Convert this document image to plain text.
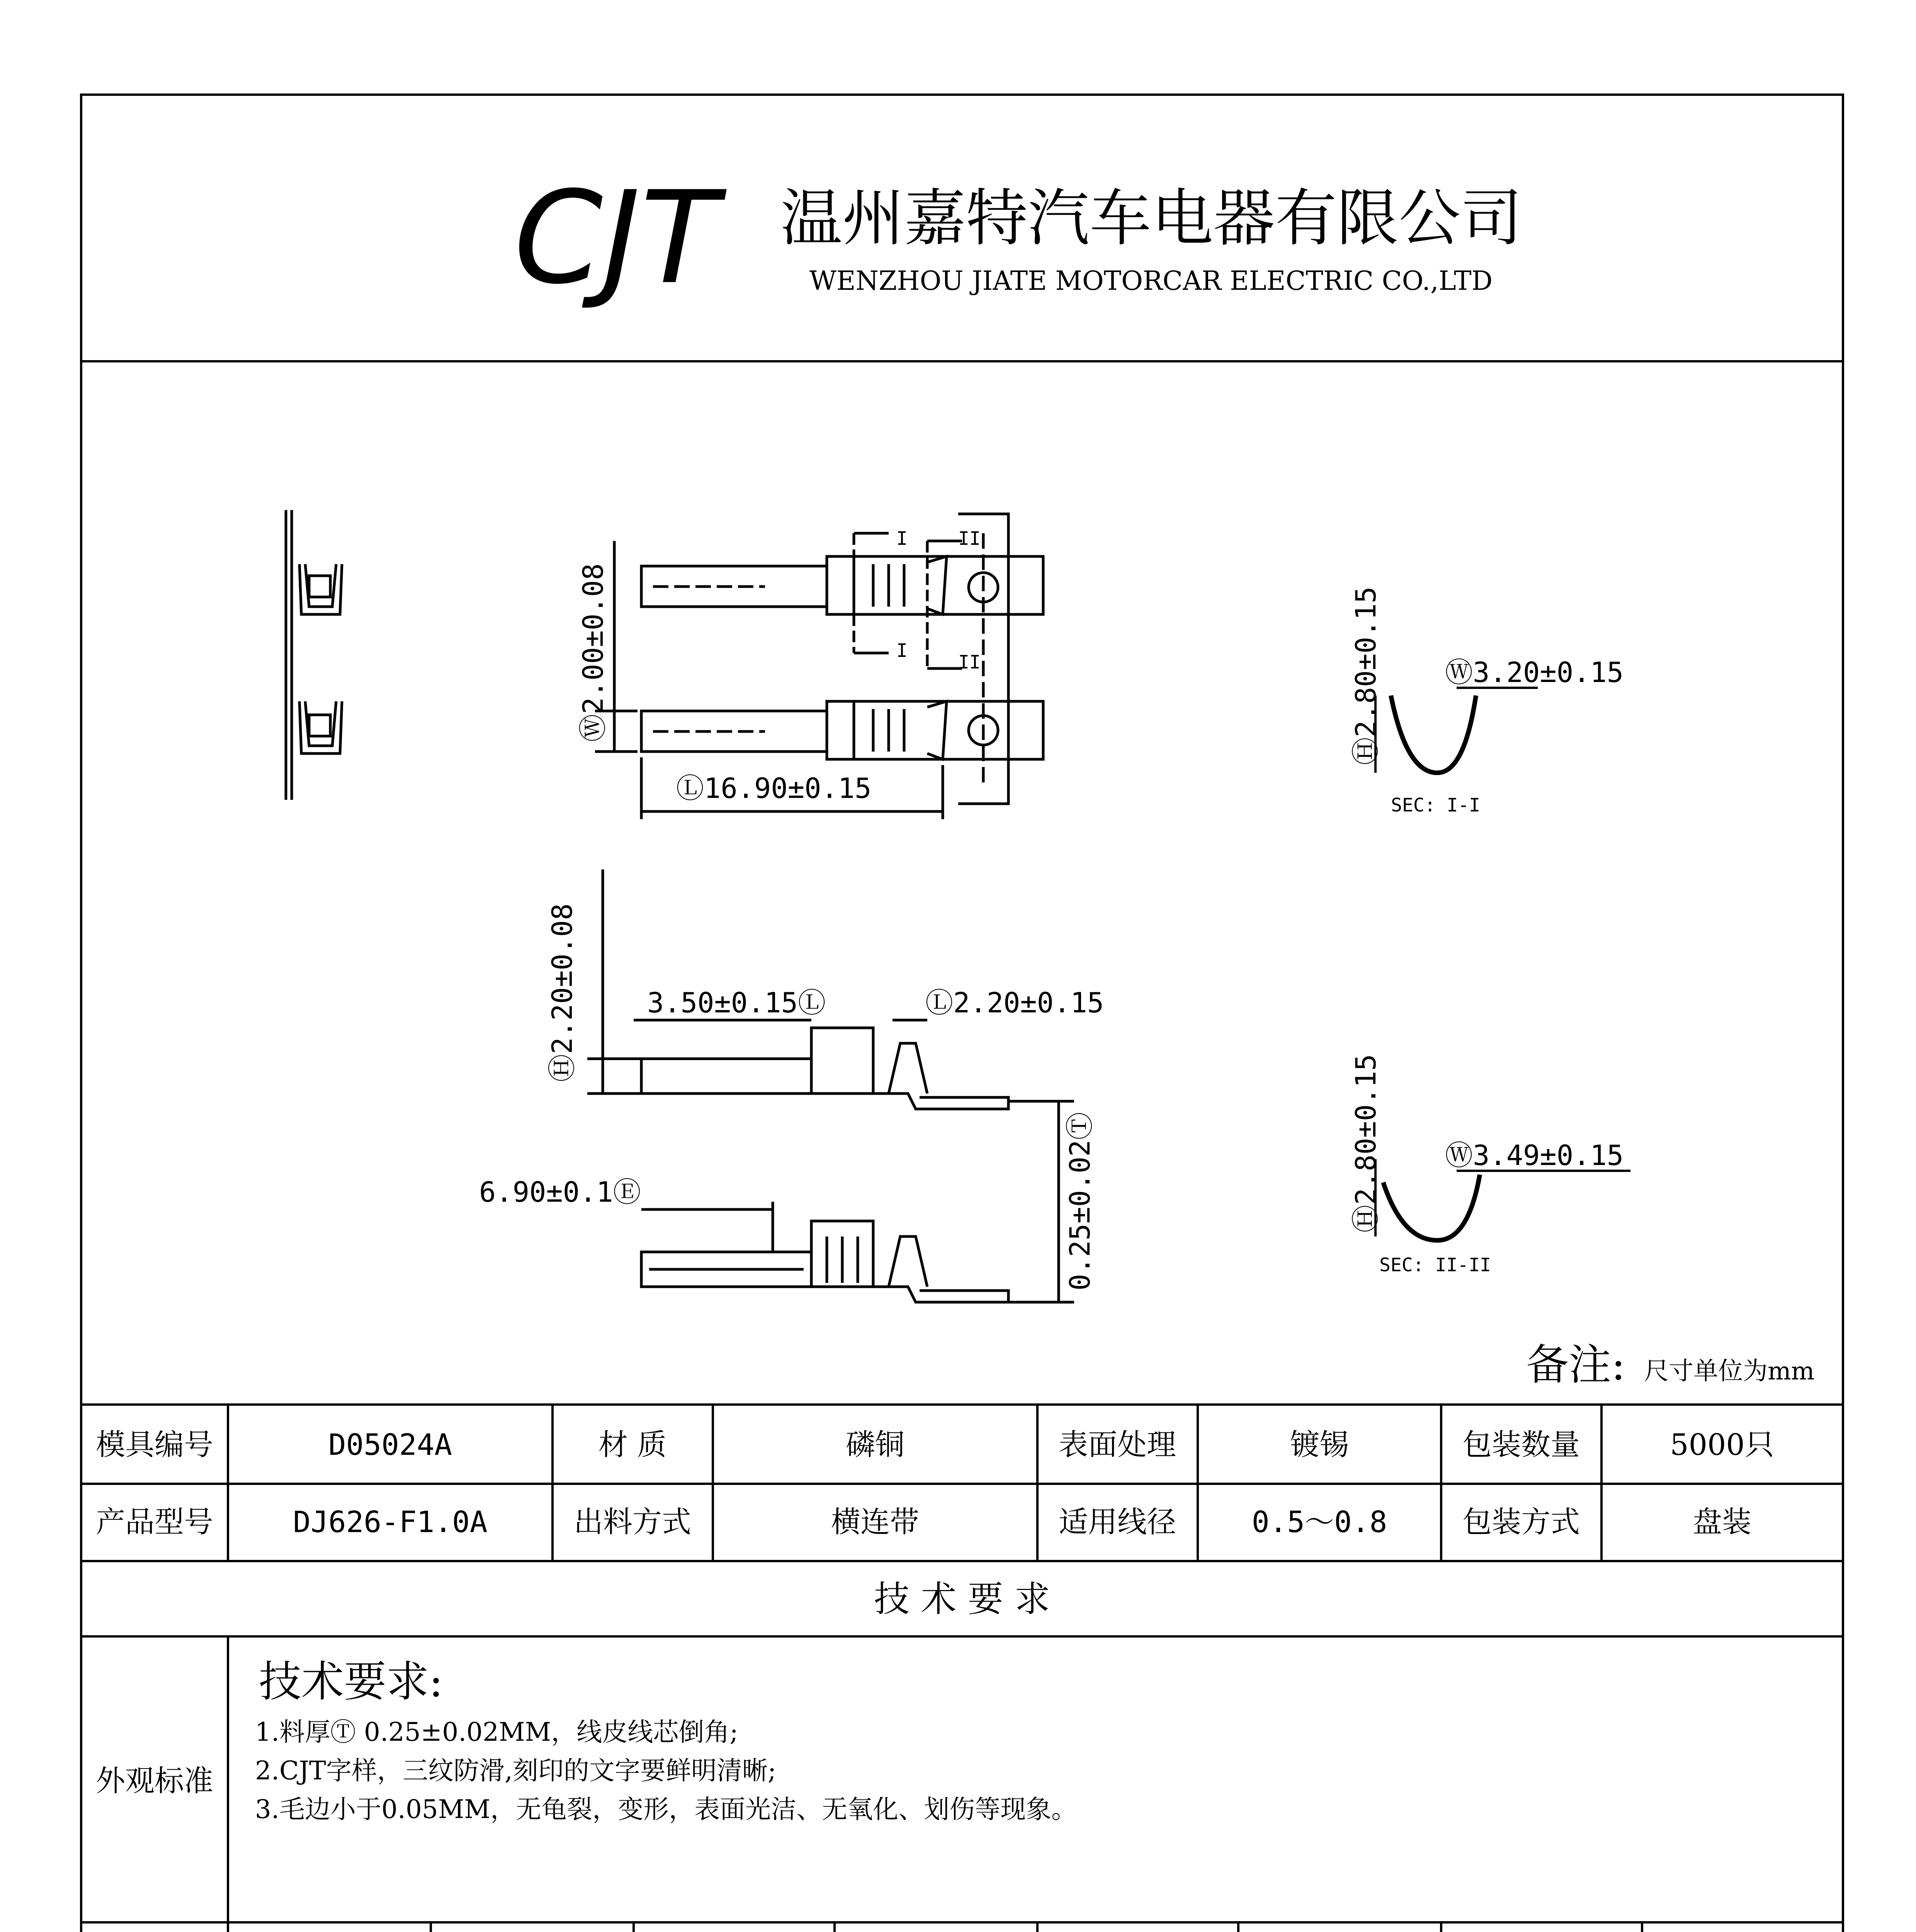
CJT 温州嘉特汽车电器有限公司
WENZHOU JIATE MOTORCAR ELECTRIC CO.,LTD
Ⓦ2.00±0.08
Ⓛ16.90±0.15
I
I
II
II	Ⓗ2.80±0.15 Ⓦ3.20±0.15
SEC: I-I
Ⓗ2.20±0.08 3.50±0.15Ⓛ	Ⓛ2.20±0.15
6.90±0.1Ⓔ	0.25±0.02Ⓣ	Ⓗ2.80±0.15 Ⓦ3.49±0.15
SEC: II-II
备注: 尺寸单位为mm
模具编号	D05024A	材 质	磷铜	表面处理	镀锡	包装数量	5000只
产品型号	DJ626-F1.0A	出料方式	横连带	适用线径	0.5～0.8	包装方式	盘装
技 术 要 求
外观标准
技术要求:
1.料厚Ⓣ 0.25±0.02MM，线皮线芯倒角;
2.CJT字样，三纹防滑,刻印的文字要鲜明清晰;
3.毛边小于0.05MM，无龟裂，变形，表面光洁、无氧化、划伤等现象。
